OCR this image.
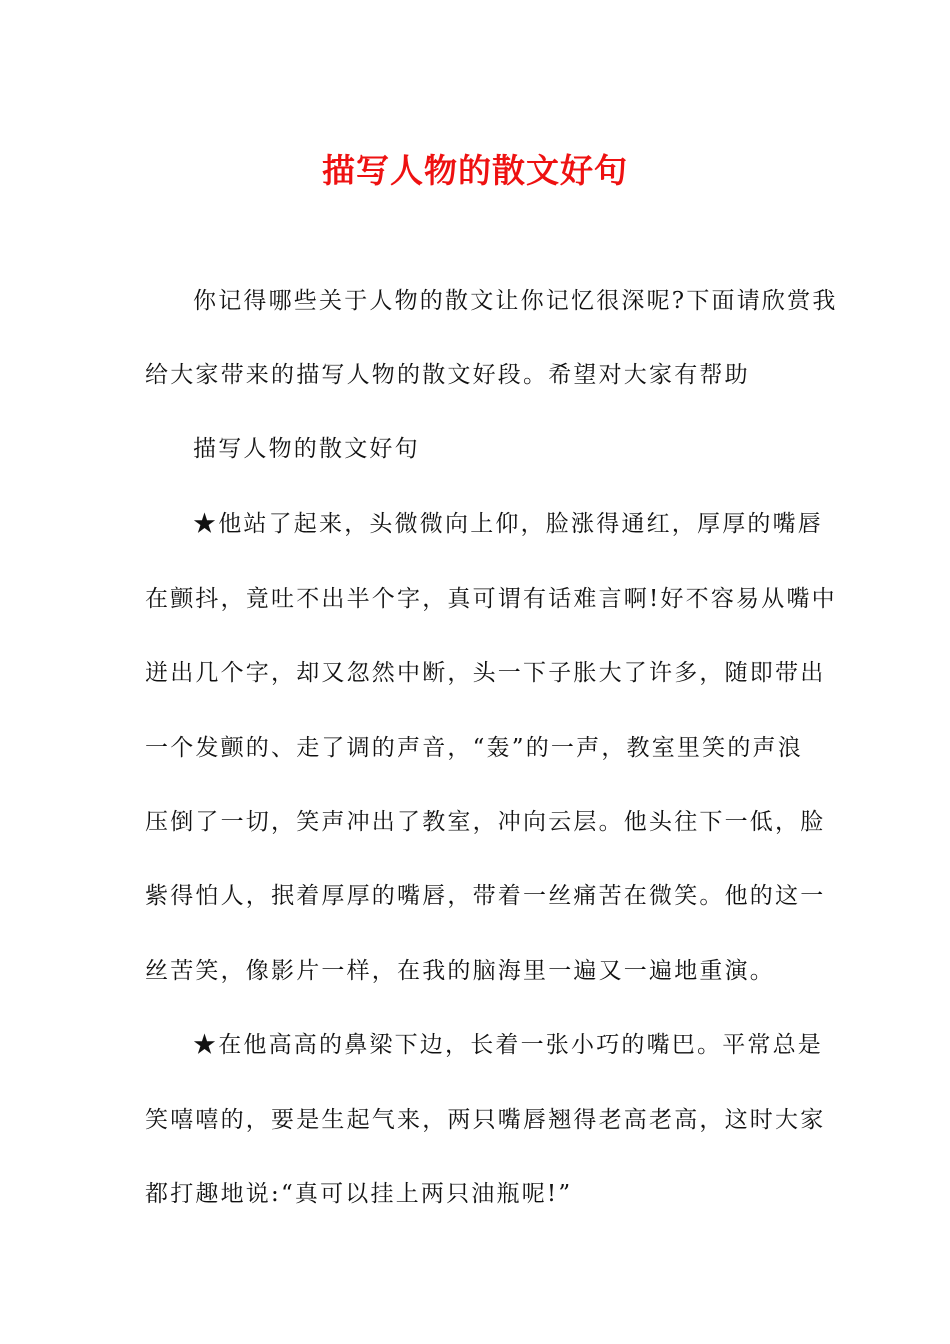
描写人物的散文好句
你记得哪些关于人物的散文让你记忆很深呢?下面请欣赏我
给大家带来的描写人物的散文好段。希望对大家有帮助
描写人物的散文好句
★他站了起来，头微微向上仰，脸涨得通红，厚厚的嘴唇
在颤抖，竟吐不出半个字，真可谓有话难言啊!好不容易从嘴中
迸出几个字，却又忽然中断，头一下子胀大了许多，随即带出
一个发颤的、走了调的声音，“轰”的一声，教室里笑的声浪
压倒了一切，笑声冲出了教室，冲向云层。他头往下一低，脸
紫得怕人，抿着厚厚的嘴唇，带着一丝痛苦在微笑。他的这一
丝苦笑，像影片一样，在我的脑海里一遍又一遍地重演。
★在他高高的鼻梁下边，长着一张小巧的嘴巴。平常总是
笑嘻嘻的，要是生起气来，两只嘴唇翘得老高老高，这时大家
都打趣地说:“真可以挂上两只油瓶呢!”
